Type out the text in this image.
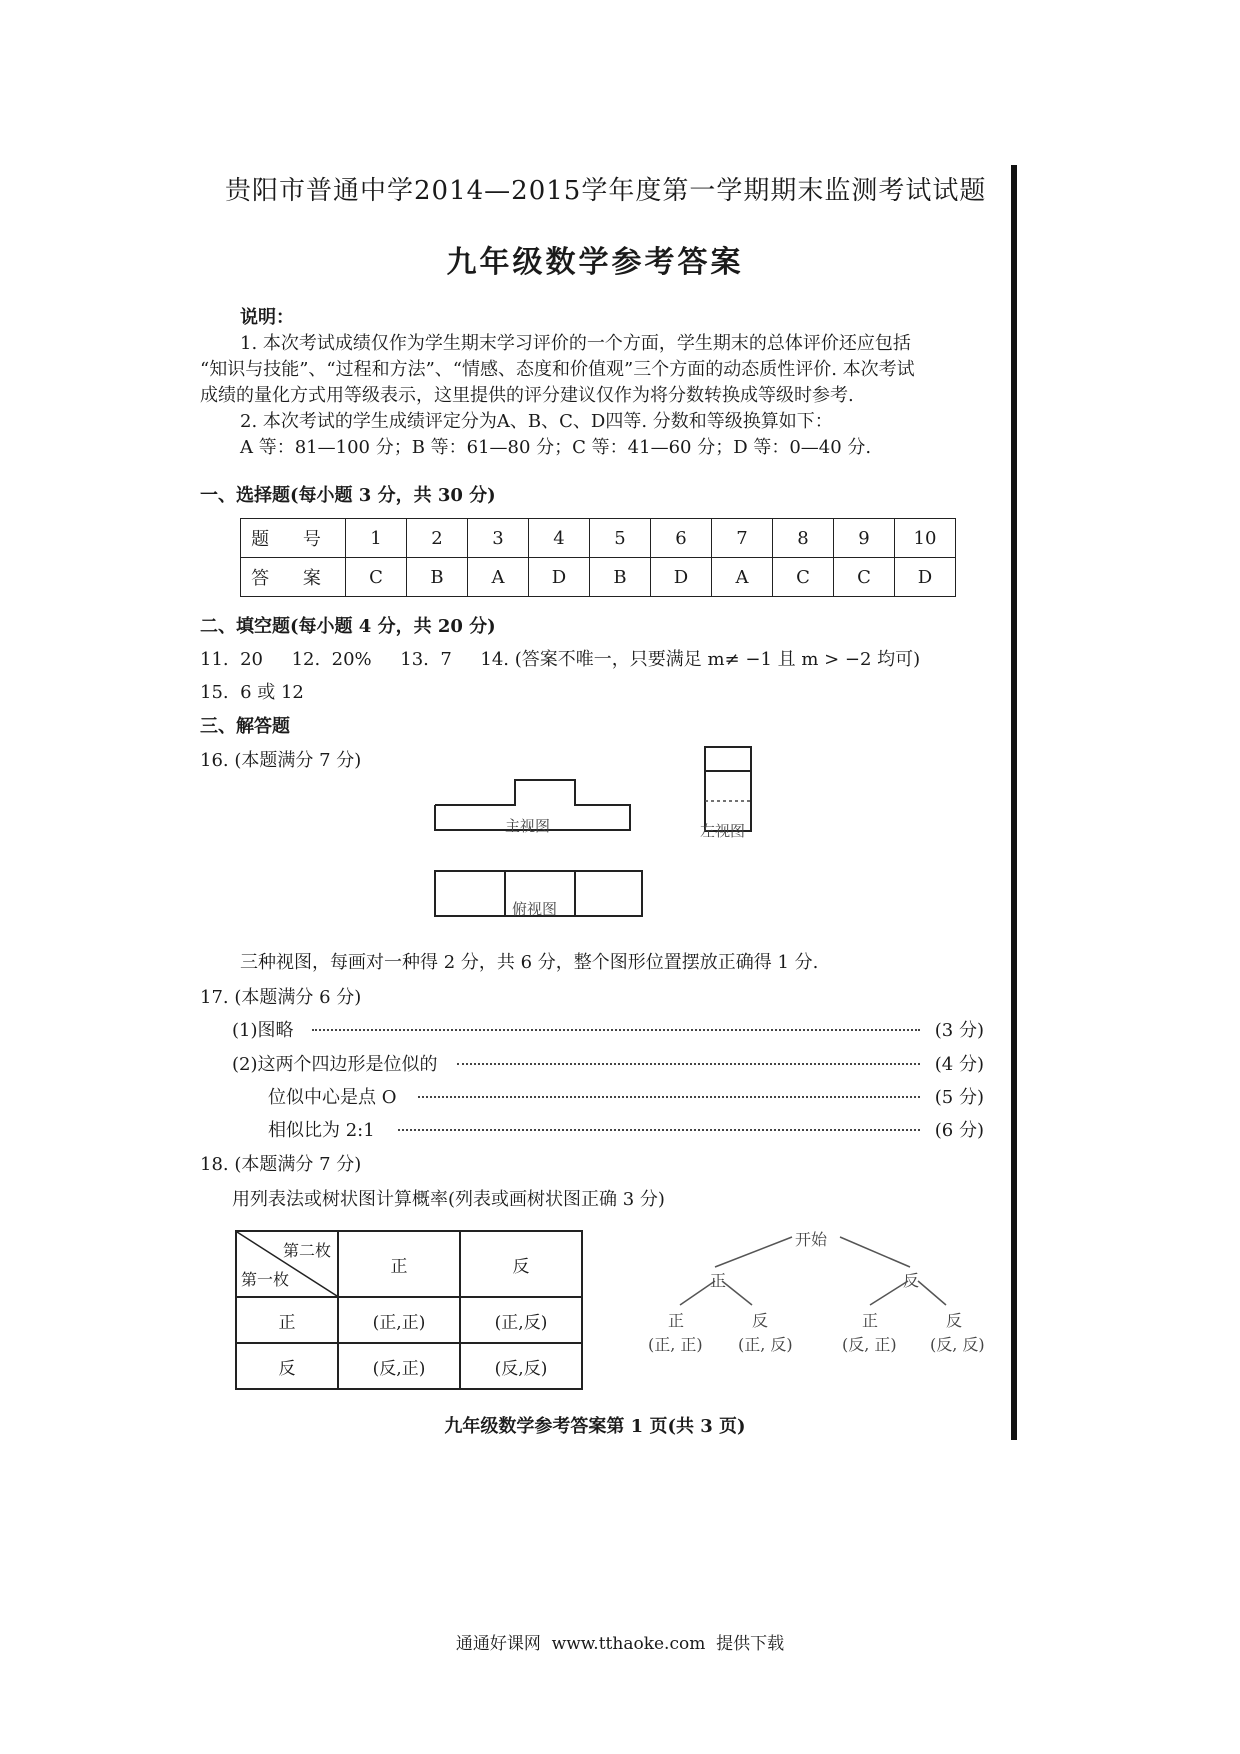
贵阳市普通中学2014—2015学年度第一学期期末监测考试试题
九年级数学参考答案
说明：
1. 本次考试成绩仅作为学生期末学习评价的一个方面，学生期末的总体评价还应包括
“知识与技能”、“过程和方法”、“情感、态度和价值观”三个方面的动态质性评价. 本次考试
成绩的量化方式用等级表示，这里提供的评分建议仅作为将分数转换成等级时参考.
2. 本次考试的学生成绩评定分为A、B、C、D四等. 分数和等级换算如下：
A 等：81—100 分；B 等：61—80 分；C 等：41—60 分；D 等：0—40 分.
一、选择题(每小题 3 分，共 30 分)
题 号	1	2	3	4	5	6	7	8	9	10
答 案	C	B	A	D	B	D	A	C	C	D
二、填空题(每小题 4 分，共 20 分)
11.  20     12.  20%     13.  7     14. (答案不唯一，只要满足 m≠ −1 且 m > −2 均可)
15.  6 或 12
三、解答题
16. (本题满分 7 分)
主视图	左视图
俯视图
三种视图，每画对一种得 2 分，共 6 分，整个图形位置摆放正确得 1 分.
17. (本题满分 6 分)
(1)图略	(3 分)
(2)这两个四边形是位似的	(4 分)
位似中心是点 O	(5 分)
相似比为 2:1	(6 分)
18. (本题满分 7 分)
用列表法或树状图计算概率(列表或画树状图正确 3 分)
第二枚
第一枚	正	反
正	(正,正)	(正,反)
反	(反,正)	(反,反)
开始
正	反
正	反	正	反
(正, 正) (正, 反)	(反, 正) (反, 反)
九年级数学参考答案第 1 页(共 3 页)
通通好课网  www.tthaoke.com  提供下载
